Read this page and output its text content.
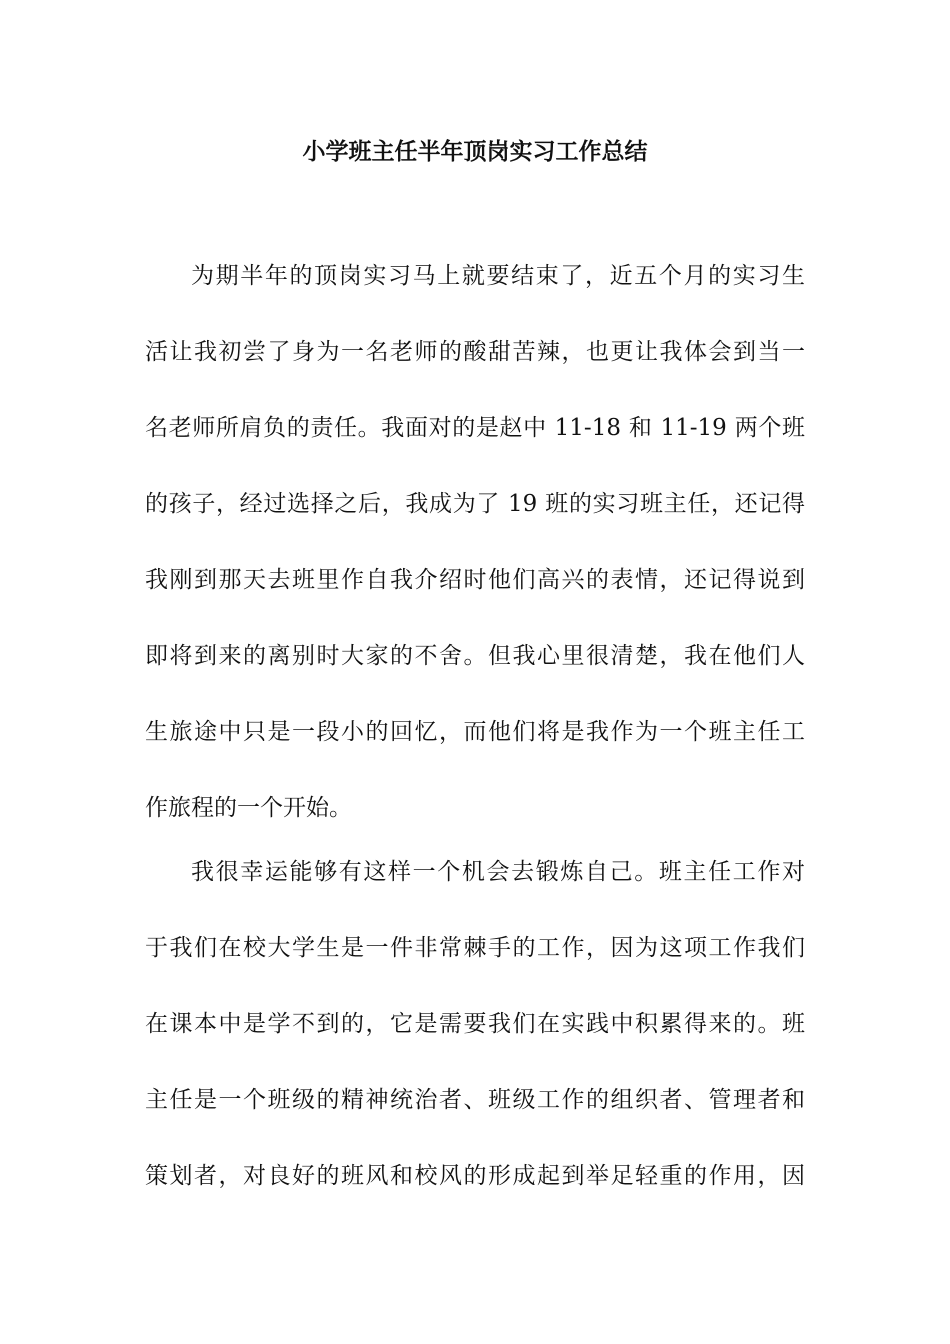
小学班主任半年顶岗实习工作总结
为期半年的顶岗实习马上就要结束了，近五个月的实习生
活让我初尝了身为一名老师的酸甜苦辣，也更让我体会到当一
名老师所肩负的责任。我面对的是赵中 11-18 和 11-19 两个班
的孩子，经过选择之后，我成为了 19 班的实习班主任，还记得
我刚到那天去班里作自我介绍时他们高兴的表情，还记得说到
即将到来的离别时大家的不舍。但我心里很清楚，我在他们人
生旅途中只是一段小的回忆，而他们将是我作为一个班主任工
作旅程的一个开始。
我很幸运能够有这样一个机会去锻炼自己。班主任工作对
于我们在校大学生是一件非常棘手的工作，因为这项工作我们
在课本中是学不到的，它是需要我们在实践中积累得来的。班
主任是一个班级的精神统治者、班级工作的组织者、管理者和
策划者，对良好的班风和校风的形成起到举足轻重的作用，因
